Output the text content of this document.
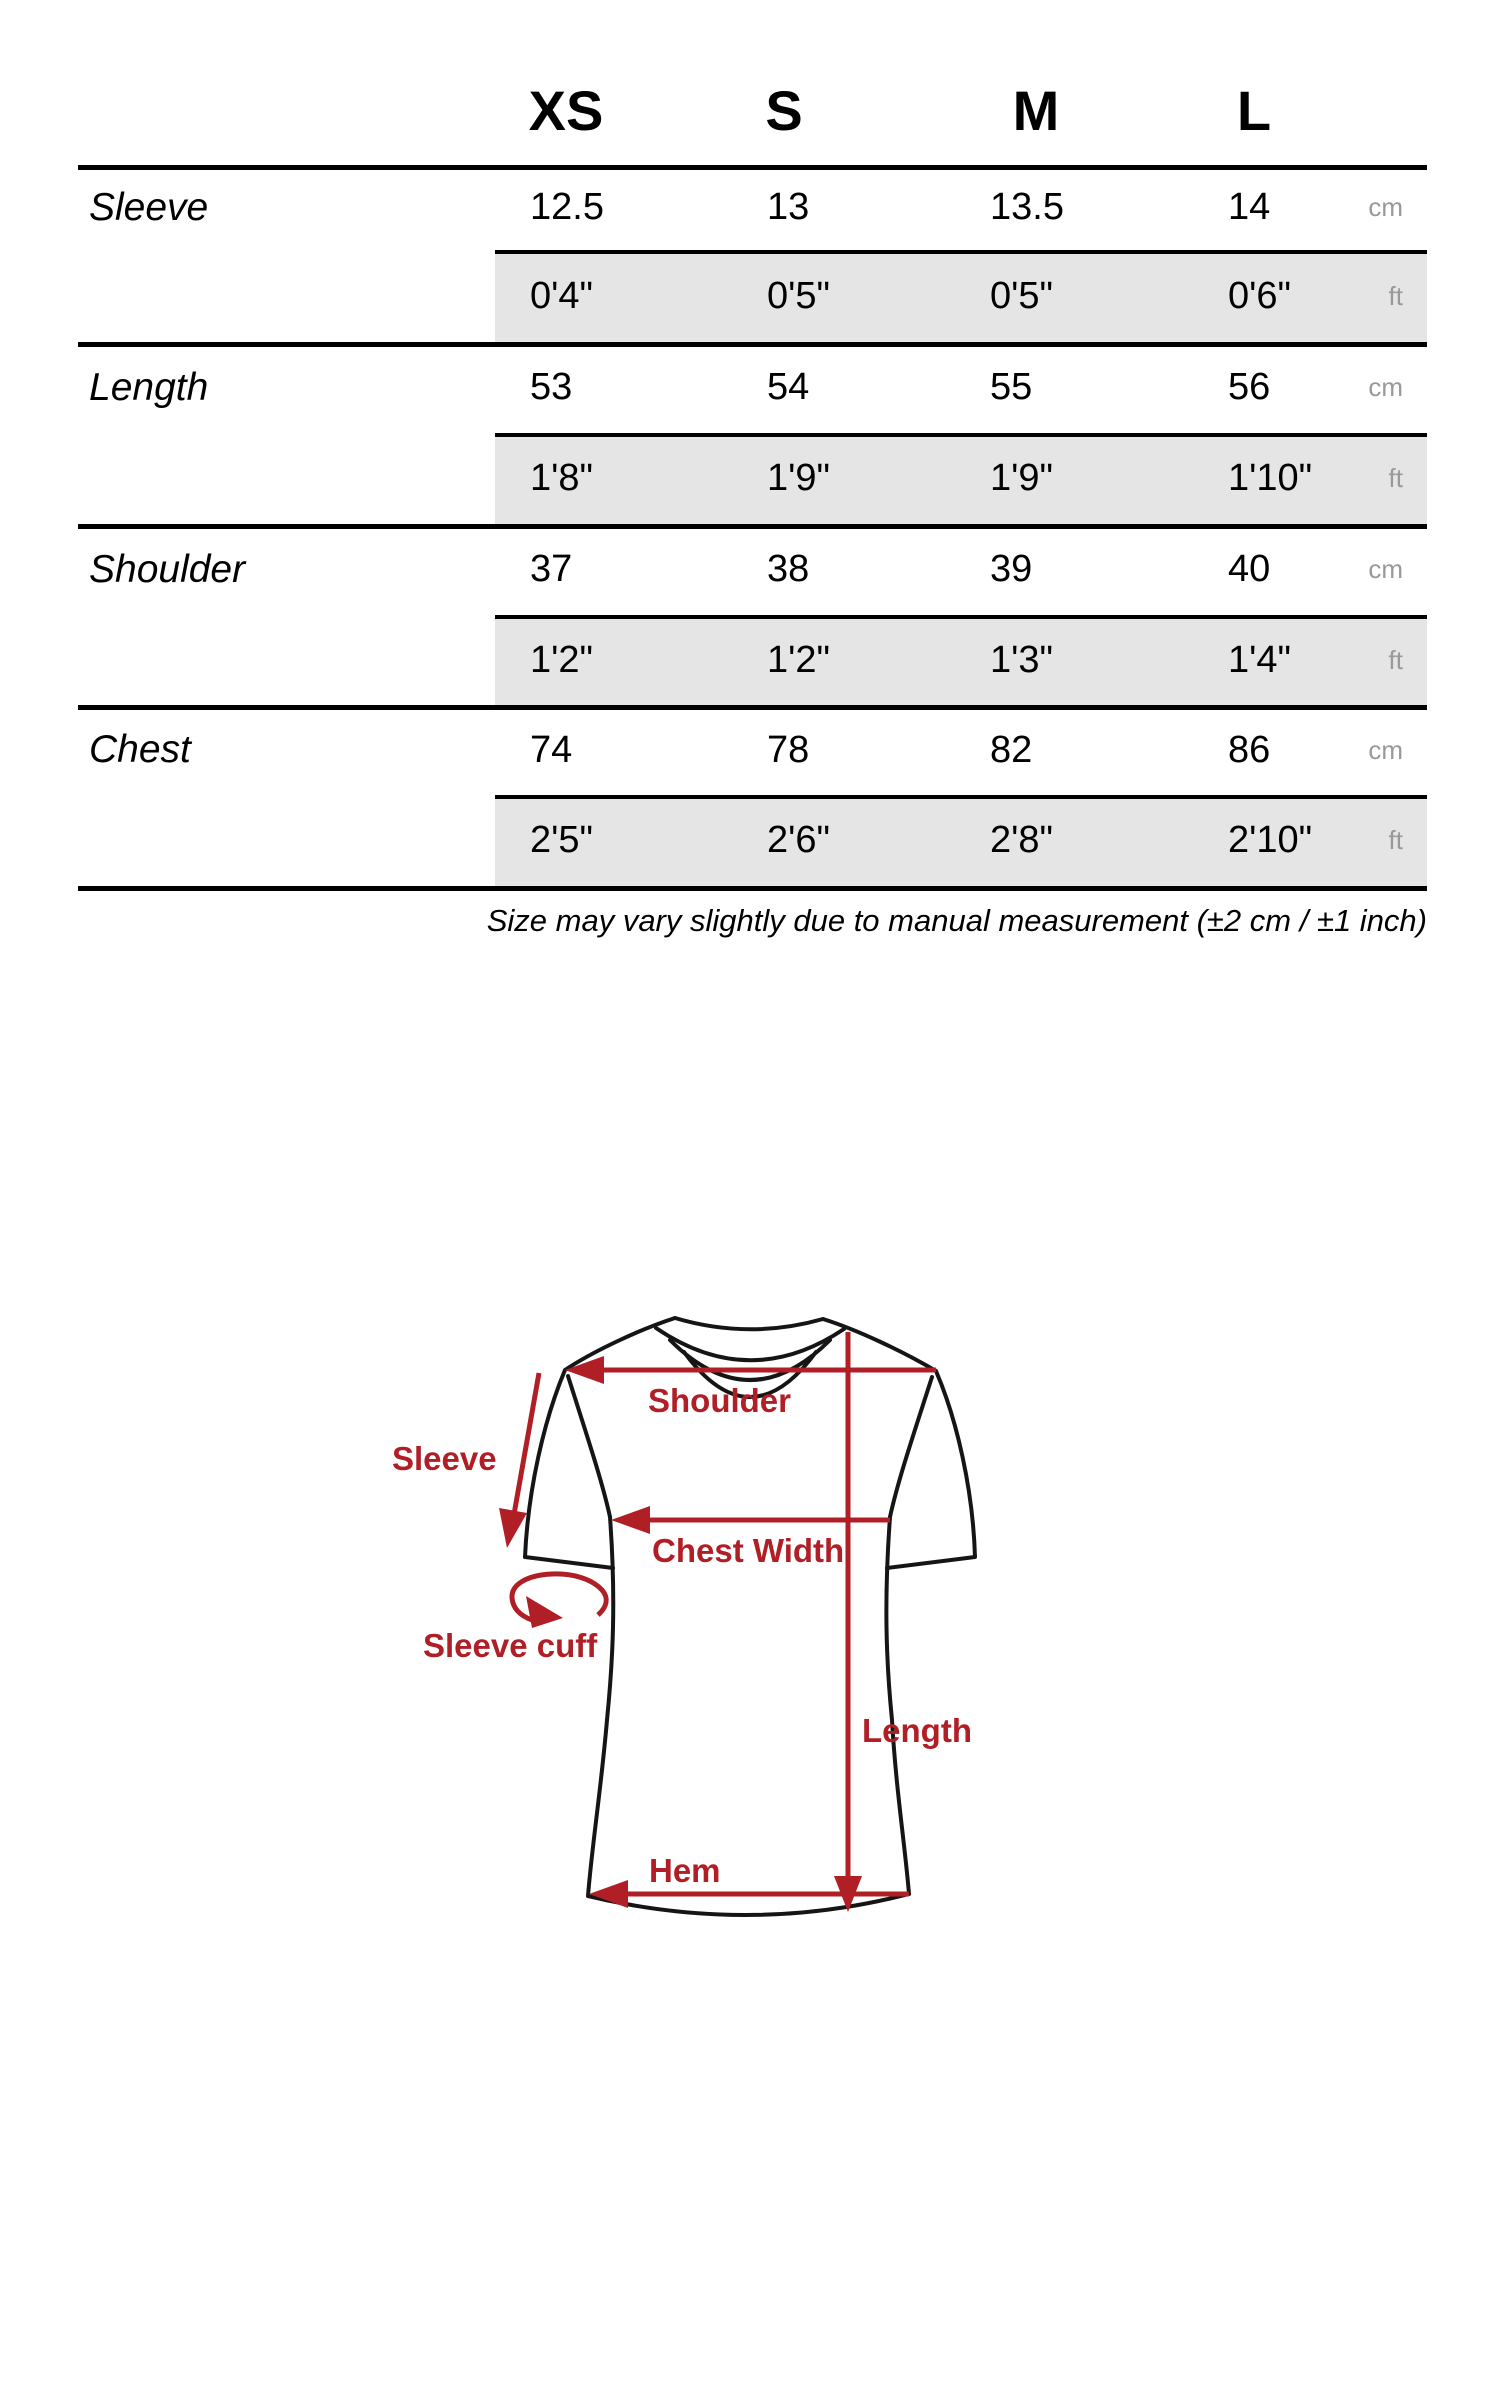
XS	S	M	L
Sleeve	12.5	13	13.5	14	cm
0'4"	0'5"	0'5"	0'6"	ft
Length	53	54	55	56	cm
1'8"	1'9"	1'9"	1'10"	ft
Shoulder	37	38	39	40	cm
1'2"	1'2"	1'3"	1'4"	ft
Chest	74	78	82	86	cm
2'5"	2'6"	2'8"	2'10"	ft
Size may vary slightly due to manual measurement (±2 cm / ±1 inch)
Shoulder
Sleeve
Chest Width
Sleeve cuff
Length
Hem
